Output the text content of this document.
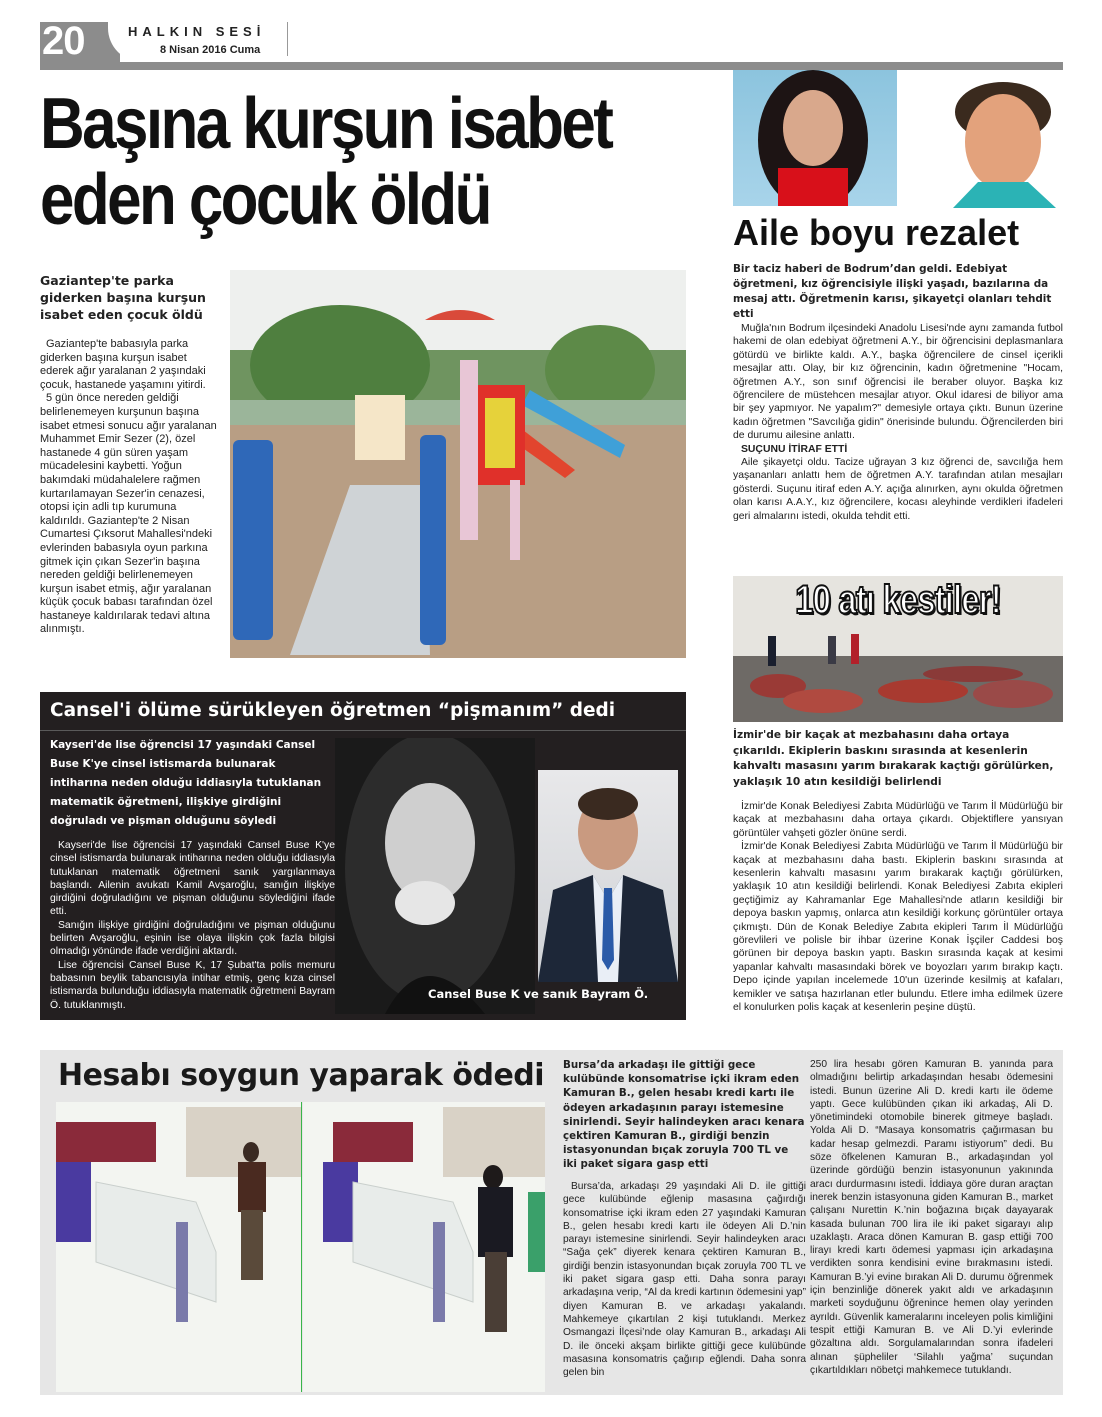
20	HALKIN SESİ
8 Nisan 2016 Cuma
Başına kurşun isabet
eden çocuk öldü
Gaziantep'te parka giderken başına kurşun isabet eden çocuk öldü

Gaziantep'te babasıyla parka giderken başına kurşun isabet ederek ağır yaralanan 2 yaşındaki çocuk, hastanede yaşamını yitirdi.

5 gün önce nereden geldiği belirlenemeyen kurşunun başına isabet etmesi sonucu ağır yaralanan Muhammet Emir Sezer (2), özel hastanede 4 gün süren yaşam mücadelesini kaybetti. Yoğun bakımdaki müdahalelere rağmen kurtarılamayan Sezer'in cenazesi, otopsi için adli tıp kurumuna kaldırıldı. Gaziantep'te 2 Nisan Cumartesi Çıksorut Mahallesi'ndeki evlerinden babasıyla oyun parkına gitmek için çıkan Sezer'in başına nereden geldiği belirlenemeyen kurşun isabet etmiş, ağır yaralanan küçük çocuk babası tarafından özel hastaneye kaldırılarak tedavi altına alınmıştı.

Aile boyu rezalet
Bir taciz haberi de Bodrum’dan geldi. Edebiyat öğretmeni, kız öğrencisiyle ilişki yaşadı, bazılarına da mesaj attı. Öğretmenin karısı, şikayetçi olanları tehdit etti

Muğla'nın Bodrum ilçesindeki Anadolu Lisesi'nde aynı zamanda futbol hakemi de olan edebiyat öğretmeni A.Y., bir öğrencisini deplasmanlara götürdü ve birlikte kaldı. A.Y., başka öğrencilere de cinsel içerikli mesajlar attı. Olay, bir kız öğrencinin, kadın öğretmenine "Hocam, öğretmen A.Y., son sınıf öğrencisi ile beraber oluyor. Başka kız öğrencilere de müstehcen mesajlar atıyor. Okul idaresi de biliyor ama bir şey yapmıyor. Ne yapalım?" demesiyle ortaya çıktı. Bunun üzerine kadın öğretmen "Savcılığa gidin" önerisinde bulundu. Öğrencilerden biri de durumu ailesine anlattı.

SUÇUNU İTİRAF ETTİ

Aile şikayetçi oldu. Tacize uğrayan 3 kız öğrenci de, savcılığa hem yaşananları anlattı hem de öğretmen A.Y. tarafından atılan mesajları gösterdi. Suçunu itiraf eden A.Y. açığa alınırken, aynı okulda öğretmen olan karısı A.A.Y., kız öğrencilere, kocası aleyhinde verdikleri ifadeleri geri almalarını istedi, okulda tehdit etti.

10 atı kestiler!
İzmir'de bir kaçak at mezbahasını daha ortaya çıkarıldı. Ekiplerin baskını sırasında at kesenlerin kahvaltı masasını yarım bırakarak kaçtığı görülürken, yaklaşık 10 atın kesildiği belirlendi

İzmir'de Konak Belediyesi Zabıta Müdürlüğü ve Tarım İl Müdürlüğü bir kaçak at mezbahasını daha ortaya çıkardı. Objektiflere yansıyan görüntüler vahşeti gözler önüne serdi.

İzmir'de Konak Belediyesi Zabıta Müdürlüğü ve Tarım İl Müdürlüğü bir kaçak at mezbahasını daha bastı. Ekiplerin baskını sırasında at kesenlerin kahvaltı masasını yarım bırakarak kaçtığı görülürken, yaklaşık 10 atın kesildiği belirlendi. Konak Belediyesi Zabıta ekipleri geçtiğimiz ay Kahramanlar Ege Mahallesi'nde atların kesildiği bir depoya baskın yapmış, onlarca atın kesildiği korkunç görüntüler ortaya çıkmıştı. Dün de Konak Belediye Zabıta ekipleri Tarım İl Müdürlüğü görevlileri ve polisle bir ihbar üzerine Konak İşçiler Caddesi boş görünen bir depoya baskın yaptı. Baskın sırasında kaçak at kesimi yapanlar kahvaltı masasındaki börek ve boyozları yarım bırakıp kaçtı. Depo içinde yapılan incelemede 10'un üzerinde kesilmiş at kafaları, kemikler ve satışa hazırlanan etler bulundu. Etlere imha edilmek üzere el konulurken polis kaçak at kesenlerin peşine düştü.

Cansel'i ölüme sürükleyen öğretmen “pişmanım” dedi
Kayseri'de lise öğrencisi 17 yaşındaki Cansel Buse K'ye cinsel istismarda bulunarak intiharına neden olduğu iddiasıyla tutuklanan matematik öğretmeni, ilişkiye girdiğini doğruladı ve pişman olduğunu söyledi

Kayseri'de lise öğrencisi 17 yaşındaki Cansel Buse K'ye cinsel istismarda bulunarak intiharına neden olduğu iddiasıyla tutuklanan matematik öğretmeni sanık yargılanmaya başlandı. Ailenin avukatı Kamil Avşaroğlu, sanığın ilişkiye girdiğini doğruladığını ve pişman olduğunu söylediğini ifade etti.

Sanığın ilişkiye girdiğini doğruladığını ve pişman olduğunu belirten Avşaroğlu, eşinin ise olaya ilişkin çok fazla bilgisi olmadığı yönünde ifade verdiğini aktardı.

Lise öğrencisi Cansel Buse K, 17 Şubat'ta polis memuru babasının beylik tabancısıyla intihar etmiş, genç kıza cinsel istismarda bulunduğu iddiasıyla matematik öğretmeni Bayram Ö. tutuklanmıştı.

Cansel Buse K ve sanık Bayram Ö.
Hesabı soygun yaparak ödedi Bursa’da arkadaşı ile gittiği gece kulübünde konsomatrise içki ikram eden Kamuran B., gelen hesabı kredi kartı ile ödeyen arkadaşının parayı istemesine sinirlendi. Seyir halindeyken aracı kenara çektiren Kamuran B., girdiği benzin istasyonundan bıçak zoruyla 700 TL ve iki paket sigara gasp etti

Bursa’da, arkadaşı 29 yaşındaki Ali D. ile gittiği gece kulübünde eğlenip masasına çağırdığı konsomatrise içki ikram eden 27 yaşındaki Kamuran B., gelen hesabı kredi kartı ile ödeyen Ali D.’nin parayı istemesine sinirlendi. Seyir halindeyken aracı “Sağa çek” diyerek kenara çektiren Kamuran B., girdiği benzin istasyonundan bıçak zoruyla 700 TL ve iki paket sigara gasp etti. Daha sonra parayı arkadaşına verip, “Al da kredi kartının ödemesini yap” diyen Kamuran B. ve arkadaşı yakalandı. Mahkemeye çıkartılan 2 kişi tutuklandı. Merkez Osmangazi İlçesi’nde olay Kamuran B., arkadaşı Ali D. ile önceki akşam birlikte gittiği gece kulübünde masasına konsomatris çağırıp eğlendi. Daha sonra gelen bin

250 lira hesabı gören Kamuran B. yanında para olmadığını belirtip arkadaşından hesabı ödemesini istedi. Bunun üzerine Ali D. kredi kartı ile ödeme yaptı. Gece kulübünden çıkan iki arkadaş, Ali D. yönetimindeki otomobile binerek gitmeye başladı. Yolda Ali D. “Masaya konsomatris çağırmasan bu kadar hesap gelmezdi. Paramı istiyorum” dedi. Bu söze öfkelenen Kamuran B., arkadaşından yol üzerinde gördüğü benzin istasyonunun yakınında aracı durdurmasını istedi. İddiaya göre duran araçtan inerek benzin istasyonuna giden Kamuran B., market çalışanı Nurettin K.’nin boğazına bıçak dayayarak kasada bulunan 700 lira ile iki paket sigarayı alıp uzaklaştı. Araca dönen Kamuran B. gasp ettiği 700 lirayı kredi kartı ödemesi yapması için arkadaşına verdikten sonra kendisini evine bırakmasını istedi. Kamuran B.’yi evine bırakan Ali D. durumu öğrenmek için benzinliğe dönerek yakıt aldı ve arkadaşının marketi soyduğunu öğrenince hemen olay yerinden ayrıldı. Güvenlik kameralarını inceleyen polis kimliğini tespit ettiği Kamuran B. ve Ali D.’yi evlerinde gözaltına aldı. Sorgulamalarından sonra ifadeleri alınan şüpheliler ‘Silahlı yağma’ suçundan çıkartıldıkları nöbetçi mahkemece tutuklandı.
